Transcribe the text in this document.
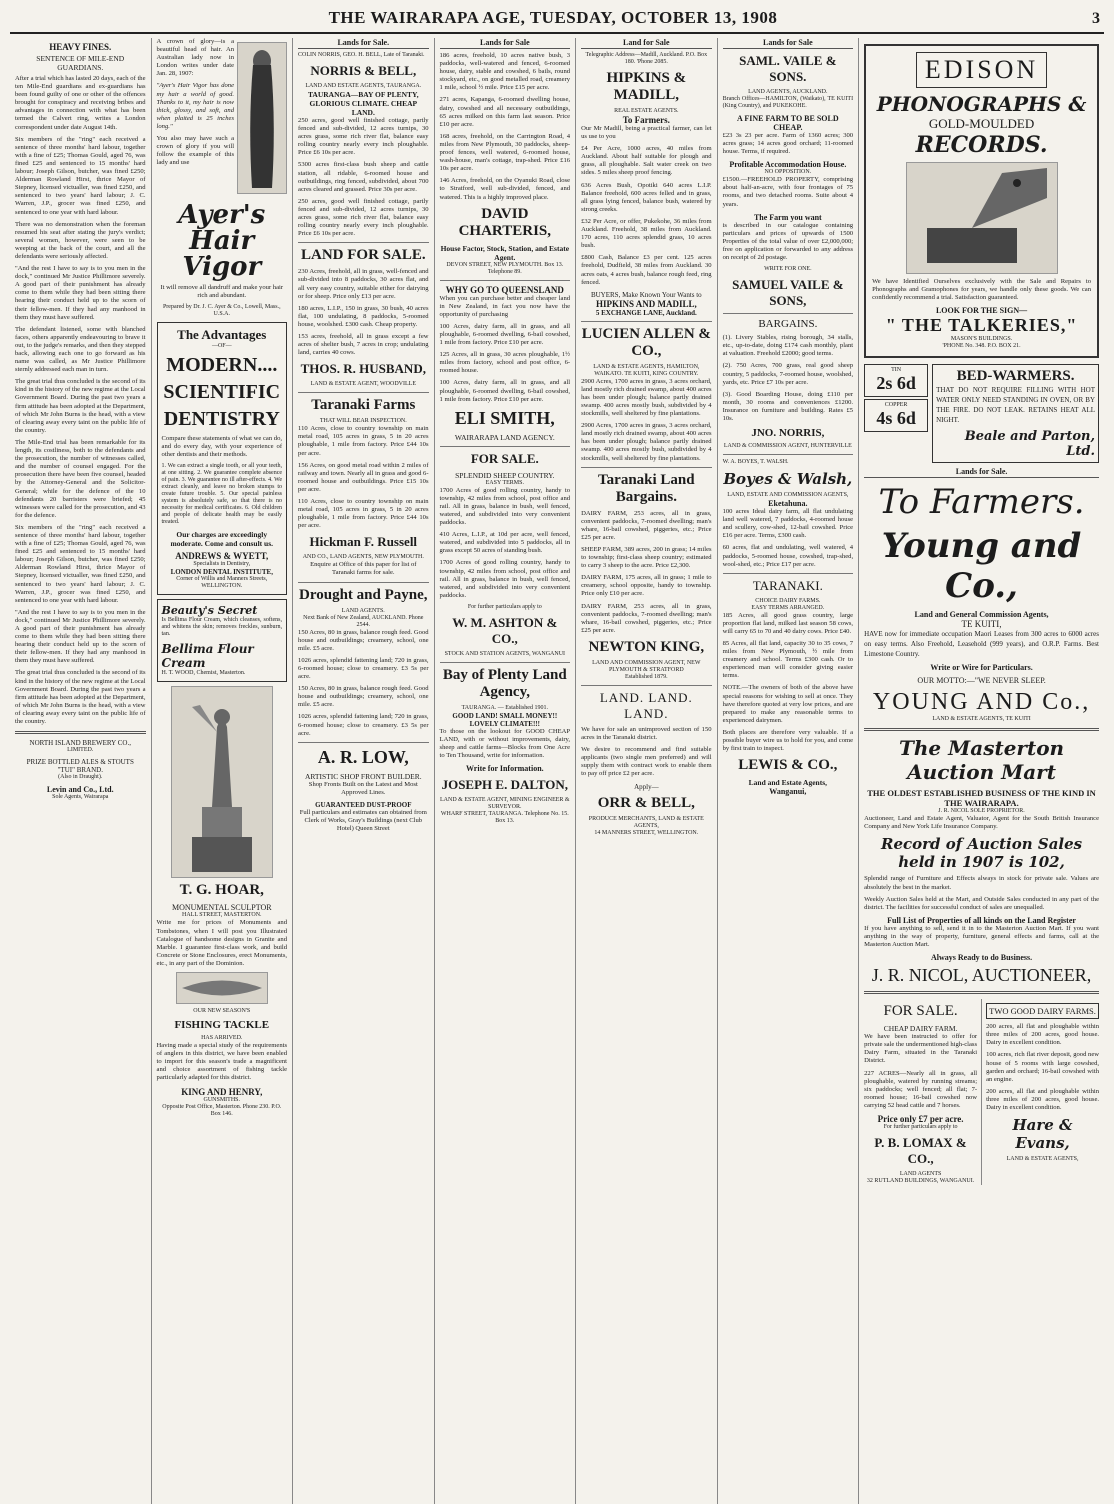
THE WAIRARAPA AGE, TUESDAY, OCTOBER 13, 1908	3
HEAVY FINES.
SENTENCE OF MILE-END GUARDIANS.

After a trial which has lasted 20 days, each of the ten Mile-End guardians and ex-guardians has been found guilty of one or other of the offences brought for conspiracy and receiving bribes and advantages in connection with what has been termed the Calvert ring, writes a London correspondent under date August 14th.

Six members of the "ring" each received a sentence of three months' hard labour, together with a fine of £25; Thomas Gould, aged 76, was fined £25 and sentenced to 15 months' hard labour; Joseph Gilson, butcher, was fined £250; Alderman Rowland Hirst, thrice Mayor of Stepney, licensed victualler, was fined £250, and sentenced to two years' hard labour; J. C. Warren, J.P., grocer was fined £250, and sentenced to one year with hard labour.

There was no demonstration when the foreman resumed his seat after stating the jury's verdict; several women, however, were seen to be weeping at the back of the court, and all the defendants were seriously affected.

"And the rest I have to say is to you men in the dock," continued Mr Justice Phillimore severely. A good part of their punishment has already come to them while they had been sitting there hearing their conduct held up to the scorn of their fellow-men. If they had any manhood in them they must have suffered.

The defendant listened, some with blanched faces, others apparently endeavouring to brave it out, to the judge's remarks, and then they stepped back, allowing each one to go forward as his name was called, as Mr Justice Phillimore sternly addressed each man in turn.

The great trial thus concluded is the second of its kind in the history of the new regime at the Local Government Board. During the past two years a firm attitude has been adopted at the Department, of which Mr John Burns is the head, with a view of clearing away every taint on the public life of the country.

The Mile-End trial has been remarkable for its length, its costliness, both to the defendants and the prosecution, the number of witnesses called, and the number of counsel engaged. For the prosecution there have been five counsel, headed by the Attorney-General and the Solicitor-General; while for the defence of the 10 defendants 20 barristers were briefed; 45 witnesses were called for the prosecution, and 43 for the defence.

Six members of the "ring" each received a sentence of three months' hard labour, together with a fine of £25; Thomas Gould, aged 76, was fined £25 and sentenced to 15 months' hard labour; Joseph Gilson, butcher, was fined £250; Alderman Rowland Hirst, thrice Mayor of Stepney, licensed victualler, was fined £250, and sentenced to two years' hard labour; J. C. Warren, J.P., grocer was fined £250, and sentenced to one year with hard labour.

"And the rest I have to say is to you men in the dock," continued Mr Justice Phillimore severely. A good part of their punishment has already come to them while they had been sitting there hearing their conduct held up to the scorn of their fellow-men. If they had any manhood in them they must have suffered.

The great trial thus concluded is the second of its kind in the history of the new regime at the Local Government Board. During the past two years a firm attitude has been adopted at the Department, of which Mr John Burns is the head, with a view of clearing away every taint on the public life of the country.

NORTH ISLAND BREWERY CO.,
LIMITED.
PRIZE BOTTLED ALES & STOUTS
"TUI" BRAND.
(Also in Draught).
Levin and Co., Ltd.
Sole Agents, Wairarapa

A crown of glory—is a beautiful head of hair. An Australian lady now in London writes under date Jan. 28, 1907:

"Ayer's Hair Vigor has done my hair a world of good. Thanks to it, my hair is now thick, glossy, and soft, and when plaited is 25 inches long."

You also may have such a crown of glory if you will follow the example of this lady and use

Ayer's Hair Vigor

It will remove all dandruff and make your hair rich and abundant.

Prepared by Dr. J. C. Ayer & Co., Lowell, Mass., U.S.A.
The Advantages
—OF—
MODERN....
SCIENTIFIC
DENTISTRY

Compare these statements of what we can do, and do every day, with your experience of other dentists and their methods.

1. We can extract a single tooth, or all your teeth, at one sitting. 2. We guarantee complete absence of pain. 3. We guarantee no ill after-effects. 4. We extract cleanly, and leave no broken stumps to create future trouble. 5. Our special painless system is absolutely safe, so that there is no necessity for medical certificates. 6. Old children and people of delicate health may be easily treated.

Our charges are exceedingly moderate. Come and consult us.
ANDREWS & WYETT,
Specialists in Dentistry,
LONDON DENTAL INSTITUTE,
Corner of Willis and Manners Streets, WELLINGTON.
Beauty's Secret

Is Bellima Flour Cream, which cleanses, softens, and whitens the skin; removes freckles, sunburn, tan.

Bellima Flour Cream
H. T. WOOD, Chemist, Masterton.
T. G. HOAR,
MONUMENTAL SCULPTOR
HALL STREET, MASTERTON.

Write me for prices of Monuments and Tombstones, when I will post you Illustrated Catalogue of handsome designs in Granite and Marble. I guarantee first-class work, and build Concrete or Stone Enclosures, erect Monuments, etc., in any part of the Dominion.

OUR NEW SEASON'S
FISHING TACKLE
HAS ARRIVED.

Having made a special study of the requirements of anglers in this district, we have been enabled to import for this season's trade a magnificent and choice assortment of fishing tackle particularly adapted for this district.

KING AND HENRY,
GUNSMITHS.
Opposite Post Office, Masterton. Phone 230. P.O. Box 146.
Lands for Sale.
COLIN NORRIS, GEO. H. BELL, Late of Taranaki.
NORRIS & BELL,
LAND AND ESTATE AGENTS, TAURANGA.
TAURANGA—BAY OF PLENTY, GLORIOUS CLIMATE. CHEAP LAND.

250 acres, good well finished cottage, partly fenced and sub-divided, 12 acres turnips, 30 acres grass, some rich river flat, balance easy rolling country nearly every inch ploughable. Price £6 10s per acre.

5300 acres first-class bush sheep and cattle station, all ridable, 6-roomed house and outbuildings, ring fenced, subdivided, about 700 acres cleared and grassed. Price 30s per acre.

250 acres, good well finished cottage, partly fenced and sub-divided, 12 acres turnips, 30 acres grass, some rich river flat, balance easy rolling country nearly every inch ploughable. Price £6 10s per acre.

LAND FOR SALE.

230 Acres, freehold, all in grass, well-fenced and sub-divided into 8 paddocks, 30 acres flat, and all very easy country, suitable either for dairying or for sheep. Price only £13 per acre.

180 acres, L.I.P., 150 in grass, 30 bush, 40 acres flat, 100 undulating, 8 paddocks, 5-roomed house, woolshed. £300 cash. Cheap property.

153 acres, freehold, all in grass except a few acres of shelter bush, 7 acres in crop; undulating land, carries 40 cows.

THOS. R. HUSBAND,
LAND & ESTATE AGENT, WOODVILLE
Taranaki Farms
THAT WILL BEAR INSPECTION.

110 Acres, close to country township on main metal road, 105 acres in grass, 5 in 20 acres ploughable, 1 mile from factory. Price £44 10s per acre.

156 Acres, on good metal road within 2 miles of railway and town. Nearly all in grass and good 6-roomed house and outbuildings. Price £15 10s per acre.

110 Acres, close to country township on main metal road, 105 acres in grass, 5 in 20 acres ploughable, 1 mile from factory. Price £44 10s per acre.

Hickman F. Russell
AND CO., LAND AGENTS, NEW PLYMOUTH.

Enquire at Office of this paper for list of Taranaki farms for sale.

Drought and Payne,
LAND AGENTS.
Next Bank of New Zealand, AUCKLAND. Phone 2544.

150 Acres, 80 in grass, balance rough feed. Good house and outbuildings; creamery, school, one mile. £5 acre.

1026 acres, splendid fattening land; 720 in grass, 6-roomed house; close to creamery. £3 5s per acre.

150 Acres, 80 in grass, balance rough feed. Good house and outbuildings; creamery, school, one mile. £5 acre.

1026 acres, splendid fattening land; 720 in grass, 6-roomed house; close to creamery. £3 5s per acre.

A. R. LOW,
ARTISTIC SHOP FRONT BUILDER.

Shop Fronts Built on the Latest and Most Approved Lines.

GUARANTEED DUST-PROOF

Full particulars and estimates can obtained from Clerk of Works, Gray's Buildings (next Club Hotel) Queen Street

Lands for Sale

186 acres, freehold, 10 acres native bush, 3 paddocks, well-watered and fenced, 6-roomed house, dairy, stable and cowshed, 6 bails, round stockyard, etc., on good metalled road, creamery 1 mile, school ½ mile. Price £15 per acre.

271 acres, Kapanga, 6-roomed dwelling house, dairy, cowshed and all necessary outbuildings, 65 acres milked on this farm last season. Price £10 per acre.

168 acres, freehold, on the Carrington Road, 4 miles from New Plymouth, 30 paddocks, sheep-proof fences, well watered, 6-roomed house, wash-house, man's cottage, trap-shed. Price £16 10s per acre.

146 Acres, freehold, on the Oyanuki Road, close to Stratford, well sub-divided, fenced, and watered. This is a highly improved place.

DAVID CHARTERIS,
House Factor, Stock, Station, and Estate Agent.
DEVON STREET, NEW PLYMOUTH. Box 13. Telephone 89.
WHY GO TO QUEENSLAND

When you can purchase better and cheaper land in New Zealand, in fact you now have the opportunity of purchasing

100 Acres, dairy farm, all in grass, and all ploughable, 6-roomed dwelling, 6-bail cowshed, 1 mile from factory. Price £10 per acre.

125 Acres, all in grass, 30 acres ploughable, 1½ miles from factory, school and post office, 6-roomed house.

100 Acres, dairy farm, all in grass, and all ploughable, 6-roomed dwelling, 6-bail cowshed, 1 mile from factory. Price £10 per acre.

ELI SMITH,
WAIRARAPA LAND AGENCY.
FOR SALE.
SPLENDID SHEEP COUNTRY.
EASY TERMS.

1700 Acres of good rolling country, handy to township, 42 miles from school, post office and rail. All in grass, balance in bush, well fenced, watered, and subdivided into very convenient paddocks.

410 Acres, L.I.P., at 10d per acre, well fenced, watered, and subdivided into 5 paddocks, all in grass except 50 acres of standing bush.

1700 Acres of good rolling country, handy to township, 42 miles from school, post office and rail. All in grass, balance in bush, well fenced, watered, and subdivided into very convenient paddocks.

For further particulars apply to
W. M. ASHTON & CO.,
STOCK AND STATION AGENTS, WANGANUI
Bay of Plenty Land Agency,
TAURANGA. — Established 1901.
GOOD LAND! SMALL MONEY!! LOVELY CLIMATE!!!

To those on the lookout for GOOD CHEAP LAND, with or without improvements, dairy, sheep and cattle farms—Blocks from One Acre to Ten Thousand, write for information.

Write for Information.
JOSEPH E. DALTON,
LAND & ESTATE AGENT, MINING ENGINEER & SURVEYOR.
WHARF STREET, TAURANGA. Telephone No. 15. Box 13.
Land for Sale
Telegraphic Address—Madill, Auckland. P.O. Box 180. 'Phone 2085.
HIPKINS & MADILL,
REAL ESTATE AGENTS.
To Farmers.

Our Mr Madill, being a practical farmer, can let us use to you

£4 Per Acre, 1000 acres, 40 miles from Auckland. About half suitable for plough and grass, all ploughable. Salt water creek on two sides. 5 miles sheep proof fencing.

636 Acres Bush, Opotiki 640 acres L.I.P. Balance freehold, 600 acres felled and in grass, all grass lying fenced, balance bush, watered by strong creeks.

£32 Per Acre, or offer, Pukekohe, 36 miles from Auckland. Freehold, 38 miles from Auckland. 170 acres, 110 acres splendid grass, 10 acres bush.

£800 Cash, Balance £3 per cent. 125 acres freehold, Dudfield, 38 miles from Auckland. 30 acres oats, 4 acres bush, balance rough feed, ring fenced.

BUYERS, Make Known Your Wants to
HIPKINS AND MADILL,
5 EXCHANGE LANE, Auckland.
LUCIEN ALLEN & CO.,
LAND & ESTATE AGENTS, HAMILTON, WAIKATO. TE KUITI, KING COUNTRY.

2900 Acres, 1700 acres in grass, 3 acres orchard, land mostly rich drained swamp, about 400 acres has been under plough; balance partly drained swamp. 400 acres mostly bush, subdivided by 4 stockmills, well sheltered by fine plantations.

2900 Acres, 1700 acres in grass, 3 acres orchard, land mostly rich drained swamp, about 400 acres has been under plough; balance partly drained swamp. 400 acres mostly bush, subdivided by 4 stockmills, well sheltered by fine plantations.

Taranaki Land Bargains.

DAIRY FARM, 253 acres, all in grass, convenient paddocks, 7-roomed dwelling; man's whare, 16-bail cowshed, piggeries, etc.; Price £25 per acre.

SHEEP FARM, 389 acres, 200 in grass; 14 miles to township; first-class sheep country; estimated to carry 3 sheep to the acre. Price £2,300.

DAIRY FARM, 175 acres, all in grass; 1 mile to creamery, school opposite, handy to township. Price only £10 per acre.

DAIRY FARM, 253 acres, all in grass, convenient paddocks, 7-roomed dwelling; man's whare, 16-bail cowshed, piggeries, etc.; Price £25 per acre.

NEWTON KING,
LAND AND COMMISSION AGENT, NEW PLYMOUTH & STRATFORD
Established 1879.
LAND. LAND. LAND.

We have for sale an unimproved section of 150 acres in the Taranaki district.

We desire to recommend and find suitable applicants (two single men preferred) and will supply them with contract work to enable them to pay off price £2 per acre.

Apply—
ORR & BELL,
PRODUCE MERCHANTS, LAND & ESTATE AGENTS,
14 MANNERS STREET, WELLINGTON.
Lands for Sale
SAML. VAILE & SONS.
LAND AGENTS, AUCKLAND.

Branch Offices—HAMILTON, (Waikato), TE KUITI (King Country), and PUKEKOHE.

A FINE FARM TO BE SOLD CHEAP.

£23 3s 23 per acre. Farm of 1360 acres; 300 acres grass; 14 acres good orchard; 11-roomed house. Terms, if required.

Profitable Accommodation House.
NO OPPOSITION.

£1500.—FREEHOLD PROPERTY, comprising about half-an-acre, with four frontages of 75 rooms, and two detached rooms. Suite about 4 years.

The Farm you want

is described in our catalogue containing particulars and prices of upwards of 1500 Properties of the total value of over £2,000,000; free on application or forwarded to any address on receipt of 2d postage.

WRITE FOR ONE.
SAMUEL VAILE & SONS,
BARGAINS.

(1). Livery Stables, rising borough, 34 stalls, etc., up-to-date, doing £174 cash monthly, plant at valuation. Freehold £2000; good terms.

(2). 750 Acres, 700 grass, real good sheep country, 5 paddocks, 7-roomed house, woolshed, yards, etc. Price £7 10s per acre.

(3). Good Boarding House, doing £110 per month, 30 rooms and conveniences £1200. Insurance on furniture and building. Rates £5 10s.

JNO. NORRIS,
LAND & COMMISSION AGENT, HUNTERVILLE
W. A. BOYES, T. WALSH.
Boyes & Walsh,
LAND, ESTATE AND COMMISSION AGENTS,
Eketahuna.

100 acres Ideal dairy farm, all flat undulating land well watered, 7 paddocks, 4-roomed house and scullery, cow-shed, 12-bail cowshed. Price £16 per acre. Terms, £300 cash.

60 acres, flat and undulating, well watered, 4 paddocks, 5-roomed house, cowshed, trap-shed, wool-shed, etc.; Price £17 per acre.

TARANAKI.
CHOICE DAIRY FARMS.
EASY TERMS ARRANGED.

185 Acres, all good grass country, large proportion flat land, milked last season 58 cows, will carry 65 to 70 and 40 dairy cows. Price £40.

85 Acres, all flat land, capacity 30 to 35 cows, 7 miles from New Plymouth, ½ mile from creamery and school. Terms £300 cash. Or to experienced man will consider giving easier terms.

NOTE.—The owners of both of the above have special reasons for wishing to sell at once. They have therefore quoted at very low prices, and are prepared to make any reasonable terms to experienced dairymen.

Both places are therefore very valuable. If a possible buyer wire us to hold for you, and come by first train to inspect.

LEWIS & CO.,
Land and Estate Agents,
Wanganui,
EDISON
PHONOGRAPHS &
GOLD-MOULDED
RECORDS.

We have Identified Ourselves exclusively with the Sale and Repairs to Phonographs and Gramophones for years, we handle only these goods. We can confidently recommend a trial. Satisfaction guaranteed.

LOOK FOR THE SIGN—
" THE TALKERIES,"
MASON'S BUILDINGS.
'PHONE No. 348. P.O. BOX 21.
TIN
2s 6d
COPPER
4s 6d
BED-WARMERS.

THAT DO NOT REQUIRE FILLING WITH HOT WATER ONLY NEED STANDING IN OVEN, OR BY THE FIRE. DO NOT LEAK. RETAINS HEAT ALL NIGHT.

Beale and Parton, Ltd.
Lands for Sale.
To Farmers.
Young and Co.,
Land and General Commission Agents,
TE KUITI,

HAVE now for immediate occupation Maori Leases from 300 acres to 6000 acres on easy terms. Also Freehold, Leasehold (999 years), and O.R.P. Farms. Best Limestone Country.

Write or Wire for Particulars.
OUR MOTTO:—"WE NEVER SLEEP.
YOUNG AND Co.,
LAND & ESTATE AGENTS, TE KUITI
The Masterton Auction Mart
THE OLDEST ESTABLISHED BUSINESS OF THE KIND IN THE WAIRARAPA.
J. R. NICOL SOLE PROPRIETOR.

Auctioneer, Land and Estate Agent, Valuator, Agent for the South British Insurance Company and New York Life Insurance Company.

Record of Auction Sales held in 1907 is 102,

Splendid range of Furniture and Effects always in stock for private sale. Values are absolutely the best in the market.

Weekly Auction Sales held at the Mart, and Outside Sales conducted in any part of the district. The facilities for successful conduct of sales are unequalled.

Full List of Properties of all kinds on the Land Register

If you have anything to sell, send it in to the Masterton Auction Mart. If you want anything in the way of property, furniture, general effects and farms, call at the Masterton Auction Mart.

Always Ready to do Business.
J. R. NICOL, AUCTIONEER,
FOR SALE.
CHEAP DAIRY FARM.

We have been instructed to offer for private sale the undermentioned high-class Dairy Farm, situated in the Taranaki District.

227 ACRES—Nearly all in grass, all ploughable, watered by running streams; six paddocks; well fenced; all flat; 7-roomed house; 16-bail cowshed now carrying 52 head cattle and 7 horses.

Price only £7 per acre.
For further particulars apply to
P. B. LOMAX & CO.,
LAND AGENTS
32 RUTLAND BUILDINGS, WANGANUI.
TWO GOOD DAIRY FARMS.

200 acres, all flat and ploughable within three miles of 200 acres, good house. Dairy in excellent condition.

100 acres, rich flat river deposit, good new house of 5 rooms with large cowshed, garden and orchard; 16-bail cowshed with an engine.

200 acres, all flat and ploughable within three miles of 200 acres, good house. Dairy in excellent condition.

Hare & Evans,
LAND & ESTATE AGENTS,
